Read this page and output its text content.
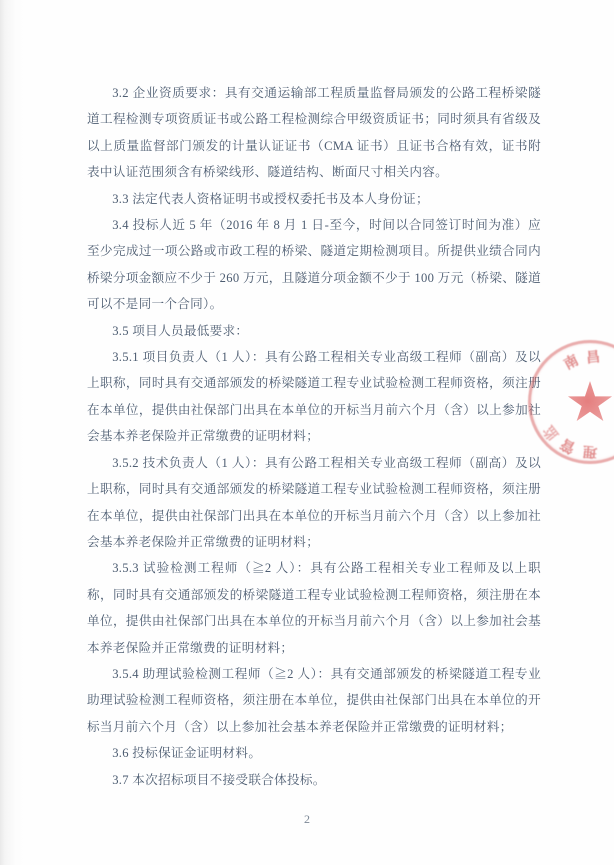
3.2 企业资质要求：具有交通运输部工程质量监督局颁发的公路工程桥梁隧道工程检测专项资质证书或公路工程检测综合甲级资质证书；同时须具有省级及以上质量监督部门颁发的计量认证证书（CMA 证书）且证书合格有效，证书附表中认证范围须含有桥梁线形、隧道结构、断面尺寸相关内容。

3.3 法定代表人资格证明书或授权委托书及本人身份证；

3.4 投标人近 5 年（2016 年 8 月 1 日-至今，时间以合同签订时间为准）应至少完成过一项公路或市政工程的桥梁、隧道定期检测项目。所提供业绩合同内桥梁分项金额应不少于 260 万元，且隧道分项金额不少于 100 万元（桥梁、隧道可以不是同一个合同）。

3.5 项目人员最低要求：

3.5.1 项目负责人（1 人）：具有公路工程相关专业高级工程师（副高）及以上职称，同时具有交通部颁发的桥梁隧道工程专业试验检测工程师资格，须注册在本单位，提供由社保部门出具在本单位的开标当月前六个月（含）以上参加社会基本养老保险并正常缴费的证明材料；

3.5.2 技术负责人（1 人）：具有公路工程相关专业高级工程师（副高）及以上职称，同时具有交通部颁发的桥梁隧道工程专业试验检测工程师资格，须注册在本单位，提供由社保部门出具在本单位的开标当月前六个月（含）以上参加社会基本养老保险并正常缴费的证明材料；

3.5.3 试验检测工程师（≧2 人）：具有公路工程相关专业工程师及以上职称，同时具有交通部颁发的桥梁隧道工程专业试验检测工程师资格，须注册在本单位，提供由社保部门出具在本单位的开标当月前六个月（含）以上参加社会基本养老保险并正常缴费的证明材料；

3.5.4 助理试验检测工程师（≧2 人）：具有交通部颁发的桥梁隧道工程专业助理试验检测工程师资格，须注册在本单位，提供由社保部门出具在本单位的开标当月前六个月（含）以上参加社会基本养老保险并正常缴费的证明材料；

3.6 投标保证金证明材料。

3.7 本次招标项目不接受联合体投标。

南 昌
理
管
监
2
